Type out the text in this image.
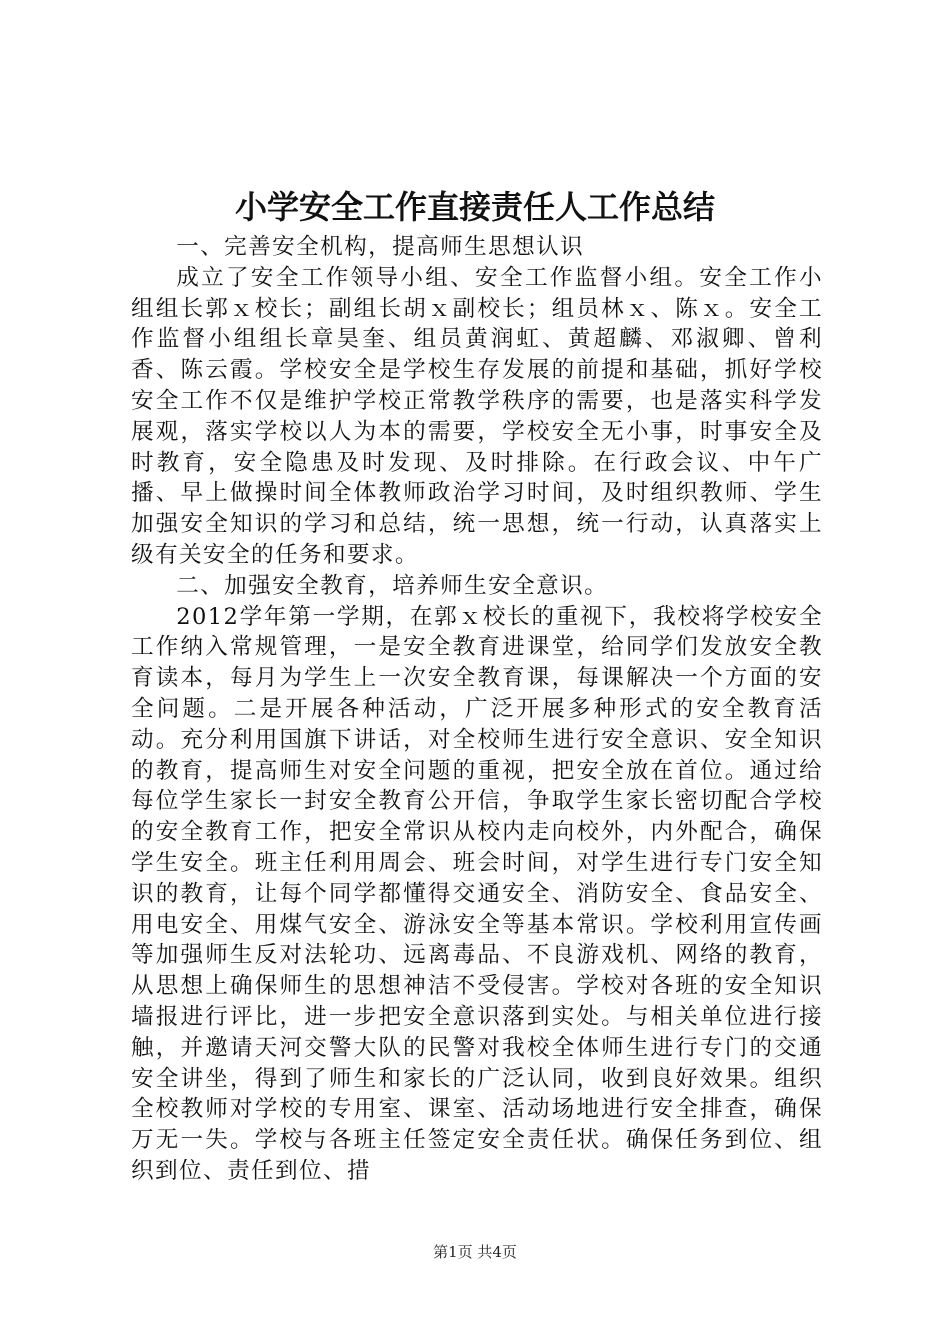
小学安全工作直接责任人工作总结

一、完善安全机构，提高师生思想认识

成立了安全工作领导小组、安全工作监督小组。安全工作小组组长郭ｘ校长；副组长胡ｘ副校长；组员林ｘ、陈ｘ。安全工作监督小组组长章昊奎、组员黄润虹、黄超麟、邓淑卿、曾利香、陈云霞。学校安全是学校生存发展的前提和基础，抓好学校安全工作不仅是维护学校正常教学秩序的需要，也是落实科学发展观，落实学校以人为本的需要，学校安全无小事，时事安全及时教育，安全隐患及时发现、及时排除。在行政会议、中午广播、早上做操时间全体教师政治学习时间，及时组织教师、学生加强安全知识的学习和总结，统一思想，统一行动，认真落实上级有关安全的任务和要求。

二、加强安全教育，培养师生安全意识。

2012学年第一学期，在郭ｘ校长的重视下，我校将学校安全工作纳入常规管理，一是安全教育进课堂，给同学们发放安全教育读本，每月为学生上一次安全教育课，每课解决一个方面的安全问题。二是开展各种活动，广泛开展多种形式的安全教育活动。充分利用国旗下讲话，对全校师生进行安全意识、安全知识的教育，提高师生对安全问题的重视，把安全放在首位。通过给每位学生家长一封安全教育公开信，争取学生家长密切配合学校的安全教育工作，把安全常识从校内走向校外，内外配合，确保学生安全。班主任利用周会、班会时间，对学生进行专门安全知识的教育，让每个同学都懂得交通安全、消防安全、食品安全、用电安全、用煤气安全、游泳安全等基本常识。学校利用宣传画等加强师生反对法轮功、远离毒品、不良游戏机、网络的教育，从思想上确保师生的思想神洁不受侵害。学校对各班的安全知识墙报进行评比，进一步把安全意识落到实处。与相关单位进行接触，并邀请天河交警大队的民警对我校全体师生进行专门的交通安全讲坐，得到了师生和家长的广泛认同，收到良好效果。组织全校教师对学校的专用室、课室、活动场地进行安全排查，确保万无一失。学校与各班主任签定安全责任状。确保任务到位、组织到位、责任到位、措

第1页 共4页
